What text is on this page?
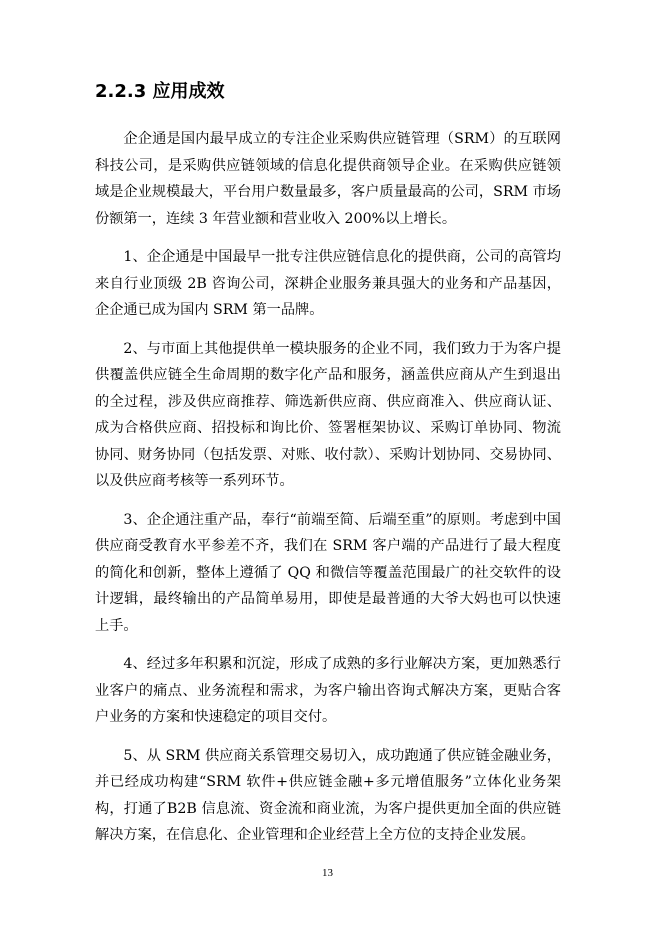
2.2.3 应用成效

企企通是国内最早成立的专注企业采购供应链管理（SRM）的互联网科技公司，是采购供应链领域的信息化提供商领导企业。在采购供应链领域是企业规模最大，平台用户数量最多，客户质量最高的公司，SRM 市场份额第一，连续 3 年营业额和营业收入 200%以上增长。

1、企企通是中国最早一批专注供应链信息化的提供商，公司的高管均来自行业顶级 2B 咨询公司，深耕企业服务兼具强大的业务和产品基因，企企通已成为国内 SRM 第一品牌。

2、与市面上其他提供单一模块服务的企业不同，我们致力于为客户提供覆盖供应链全生命周期的数字化产品和服务，涵盖供应商从产生到退出的全过程，涉及供应商推荐、筛选新供应商、供应商准入、供应商认证、成为合格供应商、招投标和询比价、签署框架协议、采购订单协同、物流协同、财务协同（包括发票、对账、收付款）、采购计划协同、交易协同、以及供应商考核等一系列环节。

3、企企通注重产品，奉行“前端至简、后端至重”的原则。考虑到中国供应商受教育水平参差不齐，我们在 SRM 客户端的产品进行了最大程度的简化和创新，整体上遵循了 QQ 和微信等覆盖范围最广的社交软件的设计逻辑，最终输出的产品简单易用，即使是最普通的大爷大妈也可以快速上手。

4、经过多年积累和沉淀，形成了成熟的多行业解决方案，更加熟悉行业客户的痛点、业务流程和需求，为客户输出咨询式解决方案，更贴合客户业务的方案和快速稳定的项目交付。

5、从 SRM 供应商关系管理交易切入，成功跑通了供应链金融业务，并已经成功构建“SRM 软件+供应链金融+多元增值服务”立体化业务架构，打通了B2B 信息流、资金流和商业流，为客户提供更加全面的供应链解决方案，在信息化、企业管理和企业经营上全方位的支持企业发展。

13
